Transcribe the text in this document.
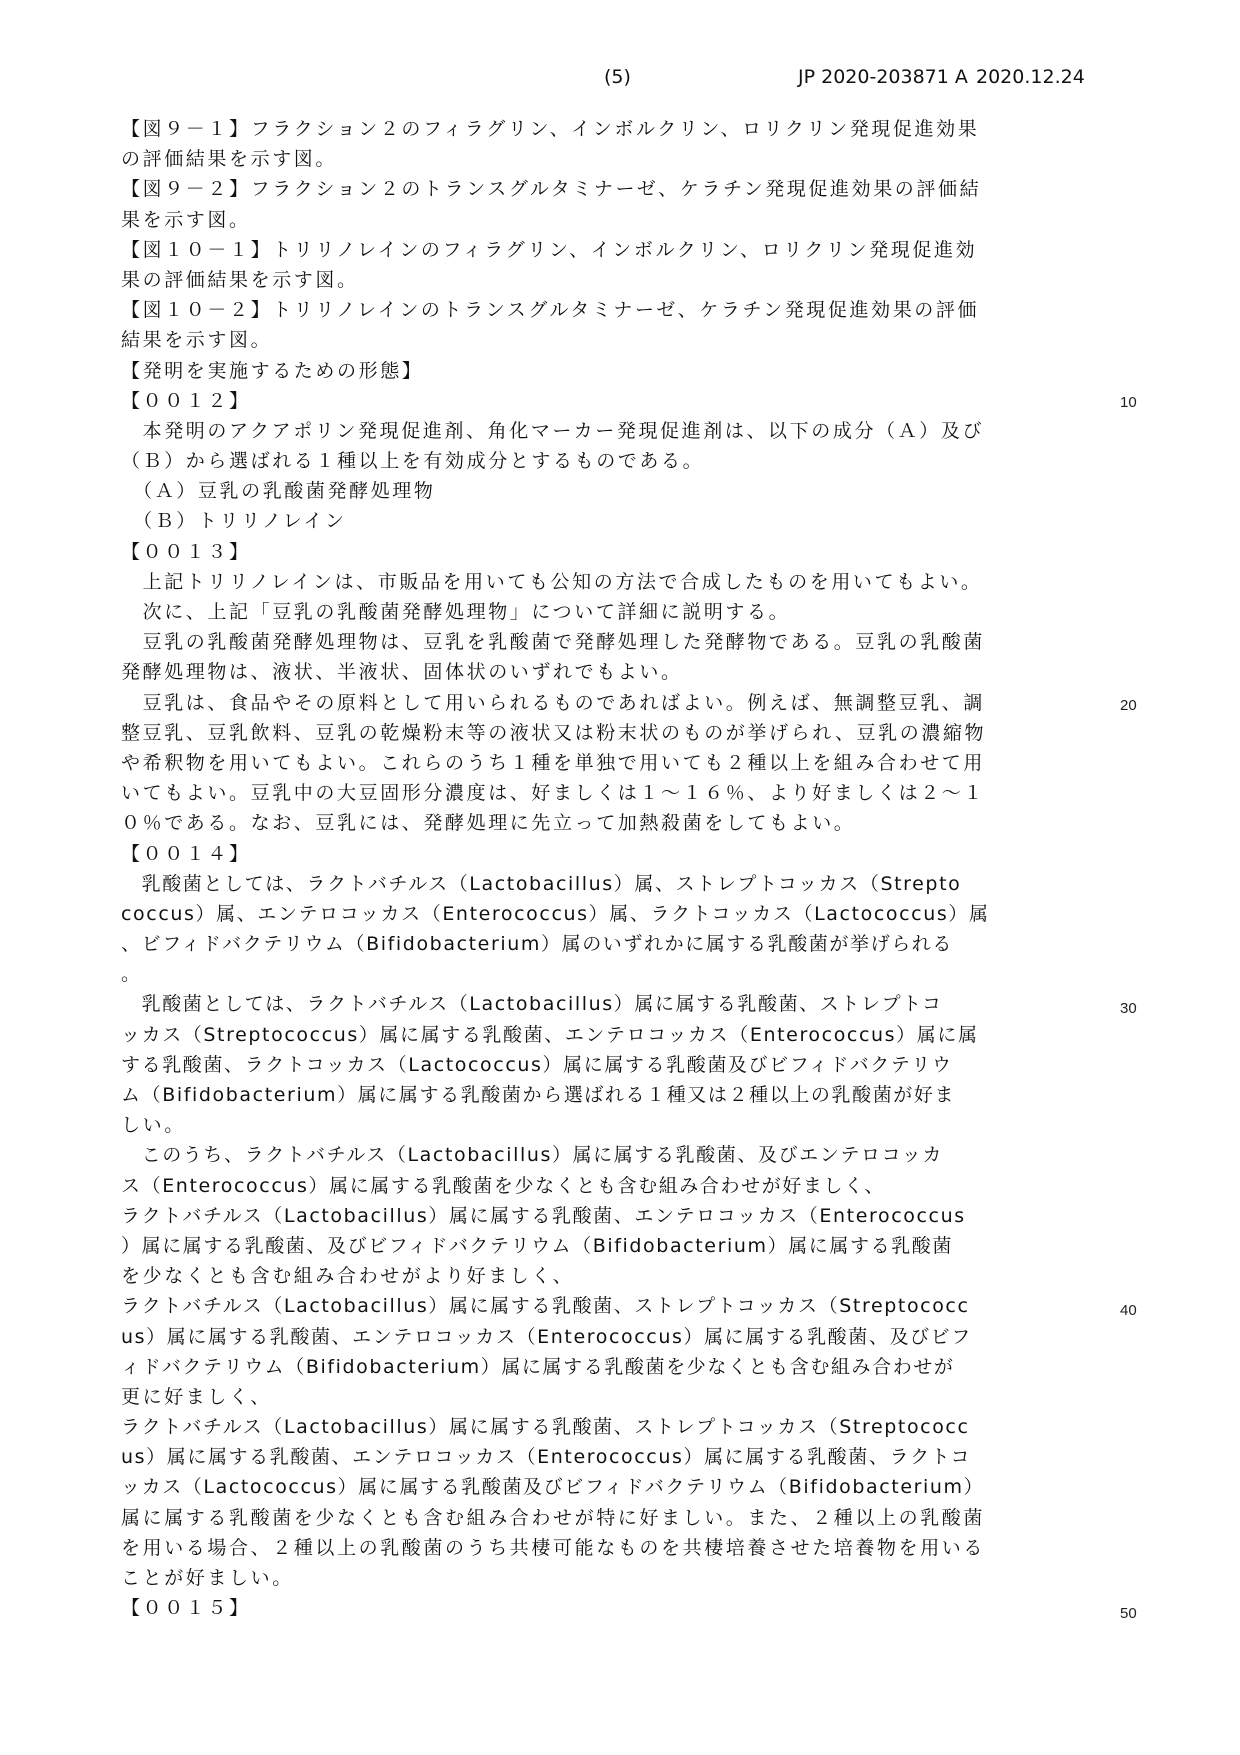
(5)	JP 2020-203871 A 2020.12.24
【図９－１】フラクション２のフィラグリン、インボルクリン、ロリクリン発現促進効果
の評価結果を示す図。
【図９－２】フラクション２のトランスグルタミナーゼ、ケラチン発現促進効果の評価結
果を示す図。
【図１０－１】トリリノレインのフィラグリン、インボルクリン、ロリクリン発現促進効
果の評価結果を示す図。
【図１０－２】トリリノレインのトランスグルタミナーゼ、ケラチン発現促進効果の評価
結果を示す図。
【発明を実施するための形態】
【００１２】
　本発明のアクアポリン発現促進剤、角化マーカー発現促進剤は、以下の成分（Ａ）及び
（Ｂ）から選ばれる１種以上を有効成分とするものである。
　（Ａ）豆乳の乳酸菌発酵処理物
　（Ｂ）トリリノレイン
【００１３】
　上記トリリノレインは、市販品を用いても公知の方法で合成したものを用いてもよい。
　次に、上記「豆乳の乳酸菌発酵処理物」について詳細に説明する。
　豆乳の乳酸菌発酵処理物は、豆乳を乳酸菌で発酵処理した発酵物である。豆乳の乳酸菌
発酵処理物は、液状、半液状、固体状のいずれでもよい。
　豆乳は、食品やその原料として用いられるものであればよい。例えば、無調整豆乳、調
整豆乳、豆乳飲料、豆乳の乾燥粉末等の液状又は粉末状のものが挙げられ、豆乳の濃縮物
や希釈物を用いてもよい。これらのうち１種を単独で用いても２種以上を組み合わせて用
いてもよい。豆乳中の大豆固形分濃度は、好ましくは１～１６％、より好ましくは２～１
０％である。なお、豆乳には、発酵処理に先立って加熱殺菌をしてもよい。
【００１４】
　乳酸菌としては、ラクトバチルス（Lactobacillus）属、ストレプトコッカス（Strepto
coccus）属、エンテロコッカス（Enterococcus）属、ラクトコッカス（Lactococcus）属
、ビフィドバクテリウム（Bifidobacterium）属のいずれかに属する乳酸菌が挙げられる
。
　乳酸菌としては、ラクトバチルス（Lactobacillus）属に属する乳酸菌、ストレプトコ
ッカス（Streptococcus）属に属する乳酸菌、エンテロコッカス（Enterococcus）属に属
する乳酸菌、ラクトコッカス（Lactococcus）属に属する乳酸菌及びビフィドバクテリウ
ム（Bifidobacterium）属に属する乳酸菌から選ばれる１種又は２種以上の乳酸菌が好ま
しい。
　このうち、ラクトバチルス（Lactobacillus）属に属する乳酸菌、及びエンテロコッカ
ス（Enterococcus）属に属する乳酸菌を少なくとも含む組み合わせが好ましく、
ラクトバチルス（Lactobacillus）属に属する乳酸菌、エンテロコッカス（Enterococcus
）属に属する乳酸菌、及びビフィドバクテリウム（Bifidobacterium）属に属する乳酸菌
を少なくとも含む組み合わせがより好ましく、
ラクトバチルス（Lactobacillus）属に属する乳酸菌、ストレプトコッカス（Streptococc
us）属に属する乳酸菌、エンテロコッカス（Enterococcus）属に属する乳酸菌、及びビフ
ィドバクテリウム（Bifidobacterium）属に属する乳酸菌を少なくとも含む組み合わせが
更に好ましく、
ラクトバチルス（Lactobacillus）属に属する乳酸菌、ストレプトコッカス（Streptococc
us）属に属する乳酸菌、エンテロコッカス（Enterococcus）属に属する乳酸菌、ラクトコ
ッカス（Lactococcus）属に属する乳酸菌及びビフィドバクテリウム（Bifidobacterium）
属に属する乳酸菌を少なくとも含む組み合わせが特に好ましい。また、２種以上の乳酸菌
を用いる場合、２種以上の乳酸菌のうち共棲可能なものを共棲培養させた培養物を用いる
ことが好ましい。
【００１５】
10
20
30
40
50
